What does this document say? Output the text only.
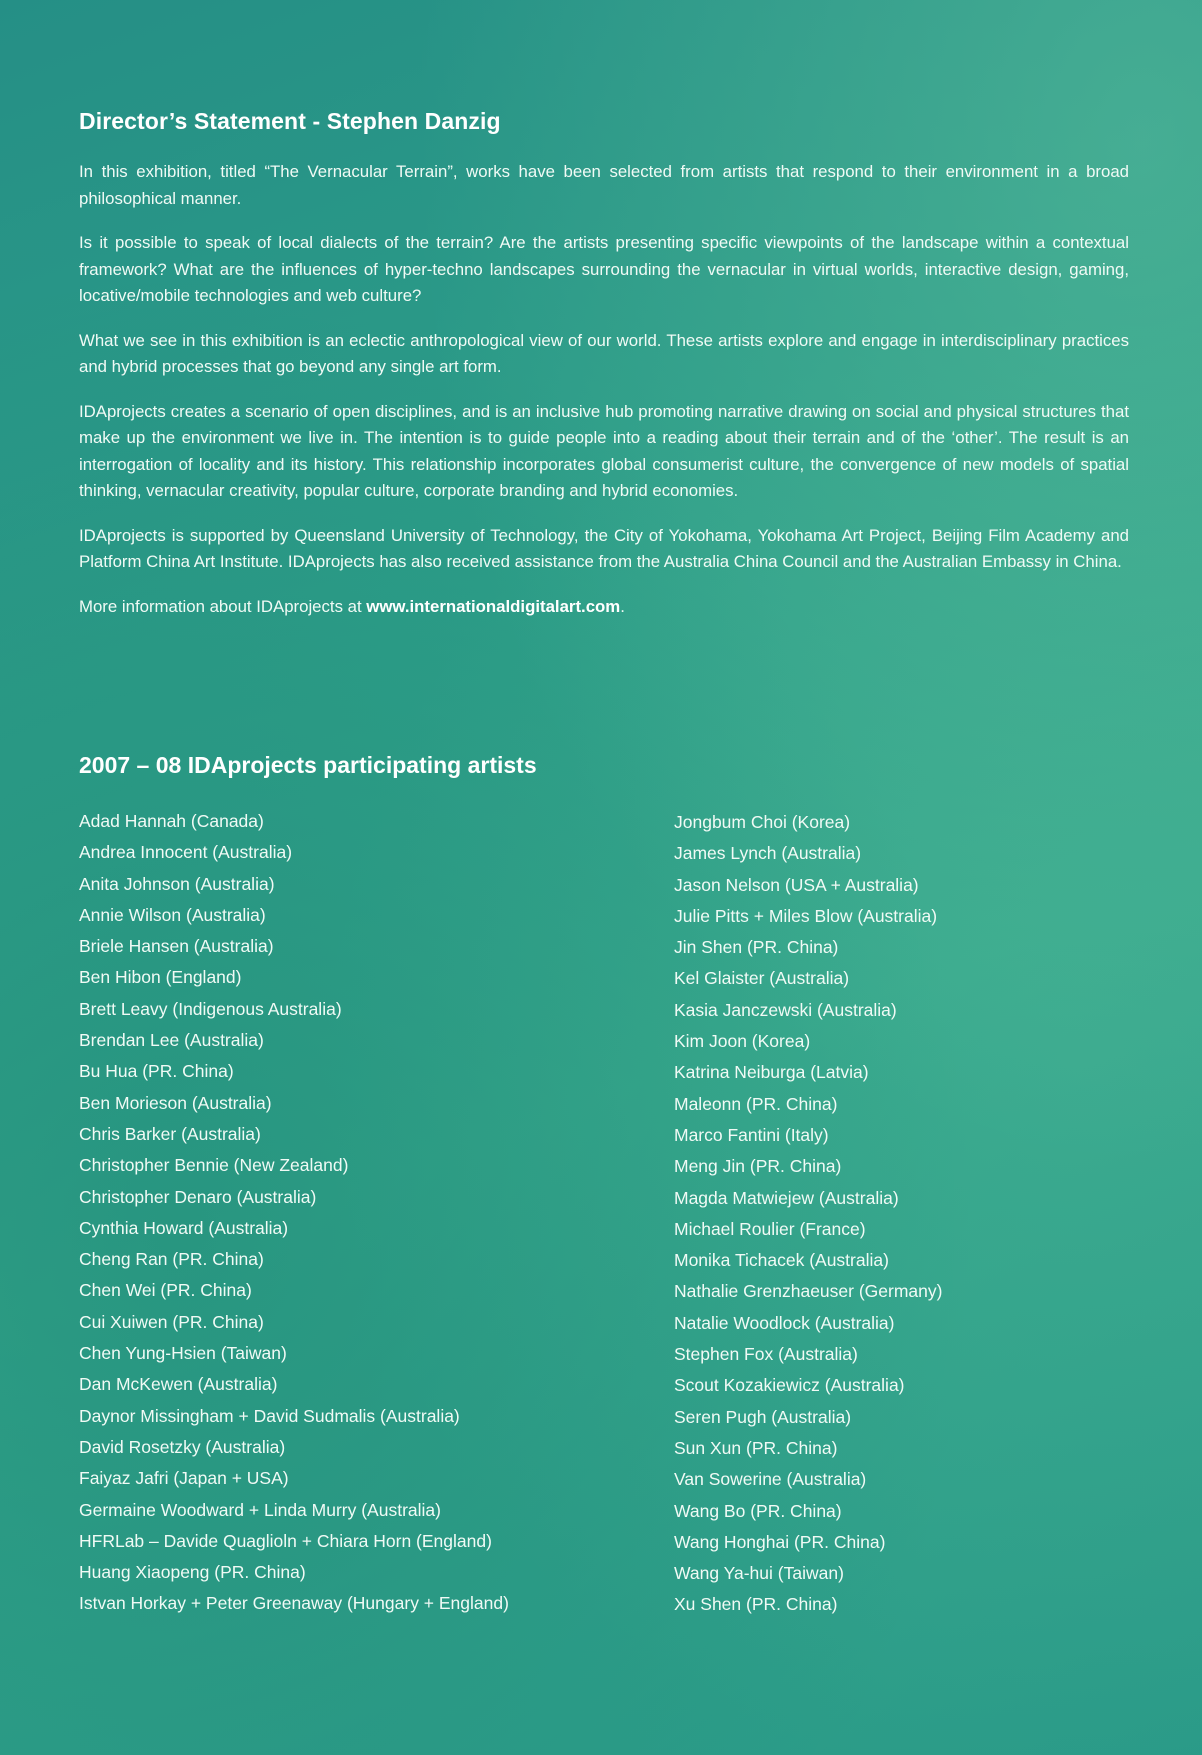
Director’s Statement - Stephen Danzig

In this exhibition, titled “The Vernacular Terrain”, works have been selected from artists that respond to their environment in a broad philosophical manner.

Is it possible to speak of local dialects of the terrain? Are the artists presenting specific viewpoints of the landscape within a contextual framework? What are the influences of hyper-techno landscapes surrounding the vernacular in virtual worlds, interactive design, gaming, locative/mobile technologies and web culture?

What we see in this exhibition is an eclectic anthropological view of our world. These artists explore and engage in interdisciplinary practices and hybrid processes that go beyond any single art form.

IDAprojects creates a scenario of open disciplines, and is an inclusive hub promoting narrative drawing on social and physical structures that make up the environment we live in. The intention is to guide people into a reading about their terrain and of the ‘other’. The result is an interrogation of locality and its history. This relationship incorporates global consumerist culture, the convergence of new models of spatial thinking, vernacular creativity, popular culture, corporate branding and hybrid economies.

IDAprojects is supported by Queensland University of Technology, the City of Yokohama, Yokohama Art Project, Beijing Film Academy and Platform China Art Institute. IDAprojects has also received assistance from the Australia China Council and the Australian Embassy in China.

More information about IDAprojects at www.internationaldigitalart.com.

2007 – 08 IDAprojects participating artists
Adad Hannah (Canada)
Andrea Innocent (Australia)
Anita Johnson (Australia)
Annie Wilson (Australia)
Briele Hansen (Australia)
Ben Hibon (England)
Brett Leavy (Indigenous Australia)
Brendan Lee (Australia)
Bu Hua (PR. China)
Ben Morieson (Australia)
Chris Barker (Australia)
Christopher Bennie (New Zealand)
Christopher Denaro (Australia)
Cynthia Howard (Australia)
Cheng Ran (PR. China)
Chen Wei (PR. China)
Cui Xuiwen (PR. China)
Chen Yung-Hsien (Taiwan)
Dan McKewen (Australia)
Daynor Missingham + David Sudmalis (Australia)
David Rosetzky (Australia)
Faiyaz Jafri (Japan + USA)
Germaine Woodward + Linda Murry (Australia)
HFRLab – Davide Quaglioln + Chiara Horn (England)
Huang Xiaopeng (PR. China)
Istvan Horkay + Peter Greenaway (Hungary + England)
Jongbum Choi (Korea)
James Lynch (Australia)
Jason Nelson (USA + Australia)
Julie Pitts + Miles Blow (Australia)
Jin Shen (PR. China)
Kel Glaister (Australia)
Kasia Janczewski (Australia)
Kim Joon (Korea)
Katrina Neiburga (Latvia)
Maleonn (PR. China)
Marco Fantini (Italy)
Meng Jin (PR. China)
Magda Matwiejew (Australia)
Michael Roulier (France)
Monika Tichacek (Australia)
Nathalie Grenzhaeuser (Germany)
Natalie Woodlock (Australia)
Stephen Fox (Australia)
Scout Kozakiewicz (Australia)
Seren Pugh (Australia)
Sun Xun (PR. China)
Van Sowerine (Australia)
Wang Bo (PR. China)
Wang Honghai (PR. China)
Wang Ya-hui (Taiwan)
Xu Shen (PR. China)
